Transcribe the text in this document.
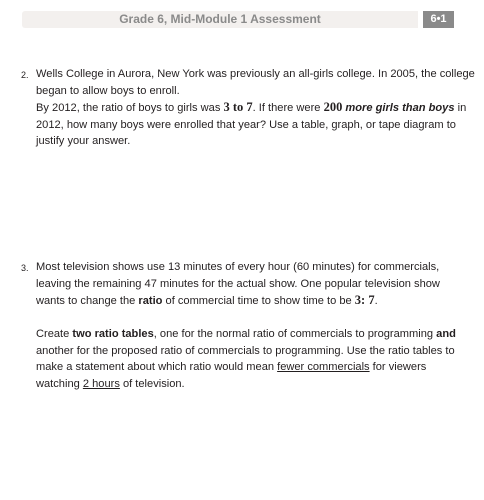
Grade 6, Mid-Module 1 Assessment	6•1
2. Wells College in Aurora, New York was previously an all-girls college. In 2005, the college

began to allow boys to enroll.

By 2012, the ratio of boys to girls was 3 to 7. If there were 200 more girls than boys in

2012, how many boys were enrolled that year? Use a table, graph, or tape diagram to

justify your answer.

3. Most television shows use 13 minutes of every hour (60 minutes) for commercials,

leaving the remaining 47 minutes for the actual show. One popular television show

wants to change the ratio of commercial time to show time to be 3: 7.

Create two ratio tables, one for the normal ratio of commercials to programming and

another for the proposed ratio of commercials to programming. Use the ratio tables to

make a statement about which ratio would mean fewer commercials for viewers

watching 2 hours of television.
